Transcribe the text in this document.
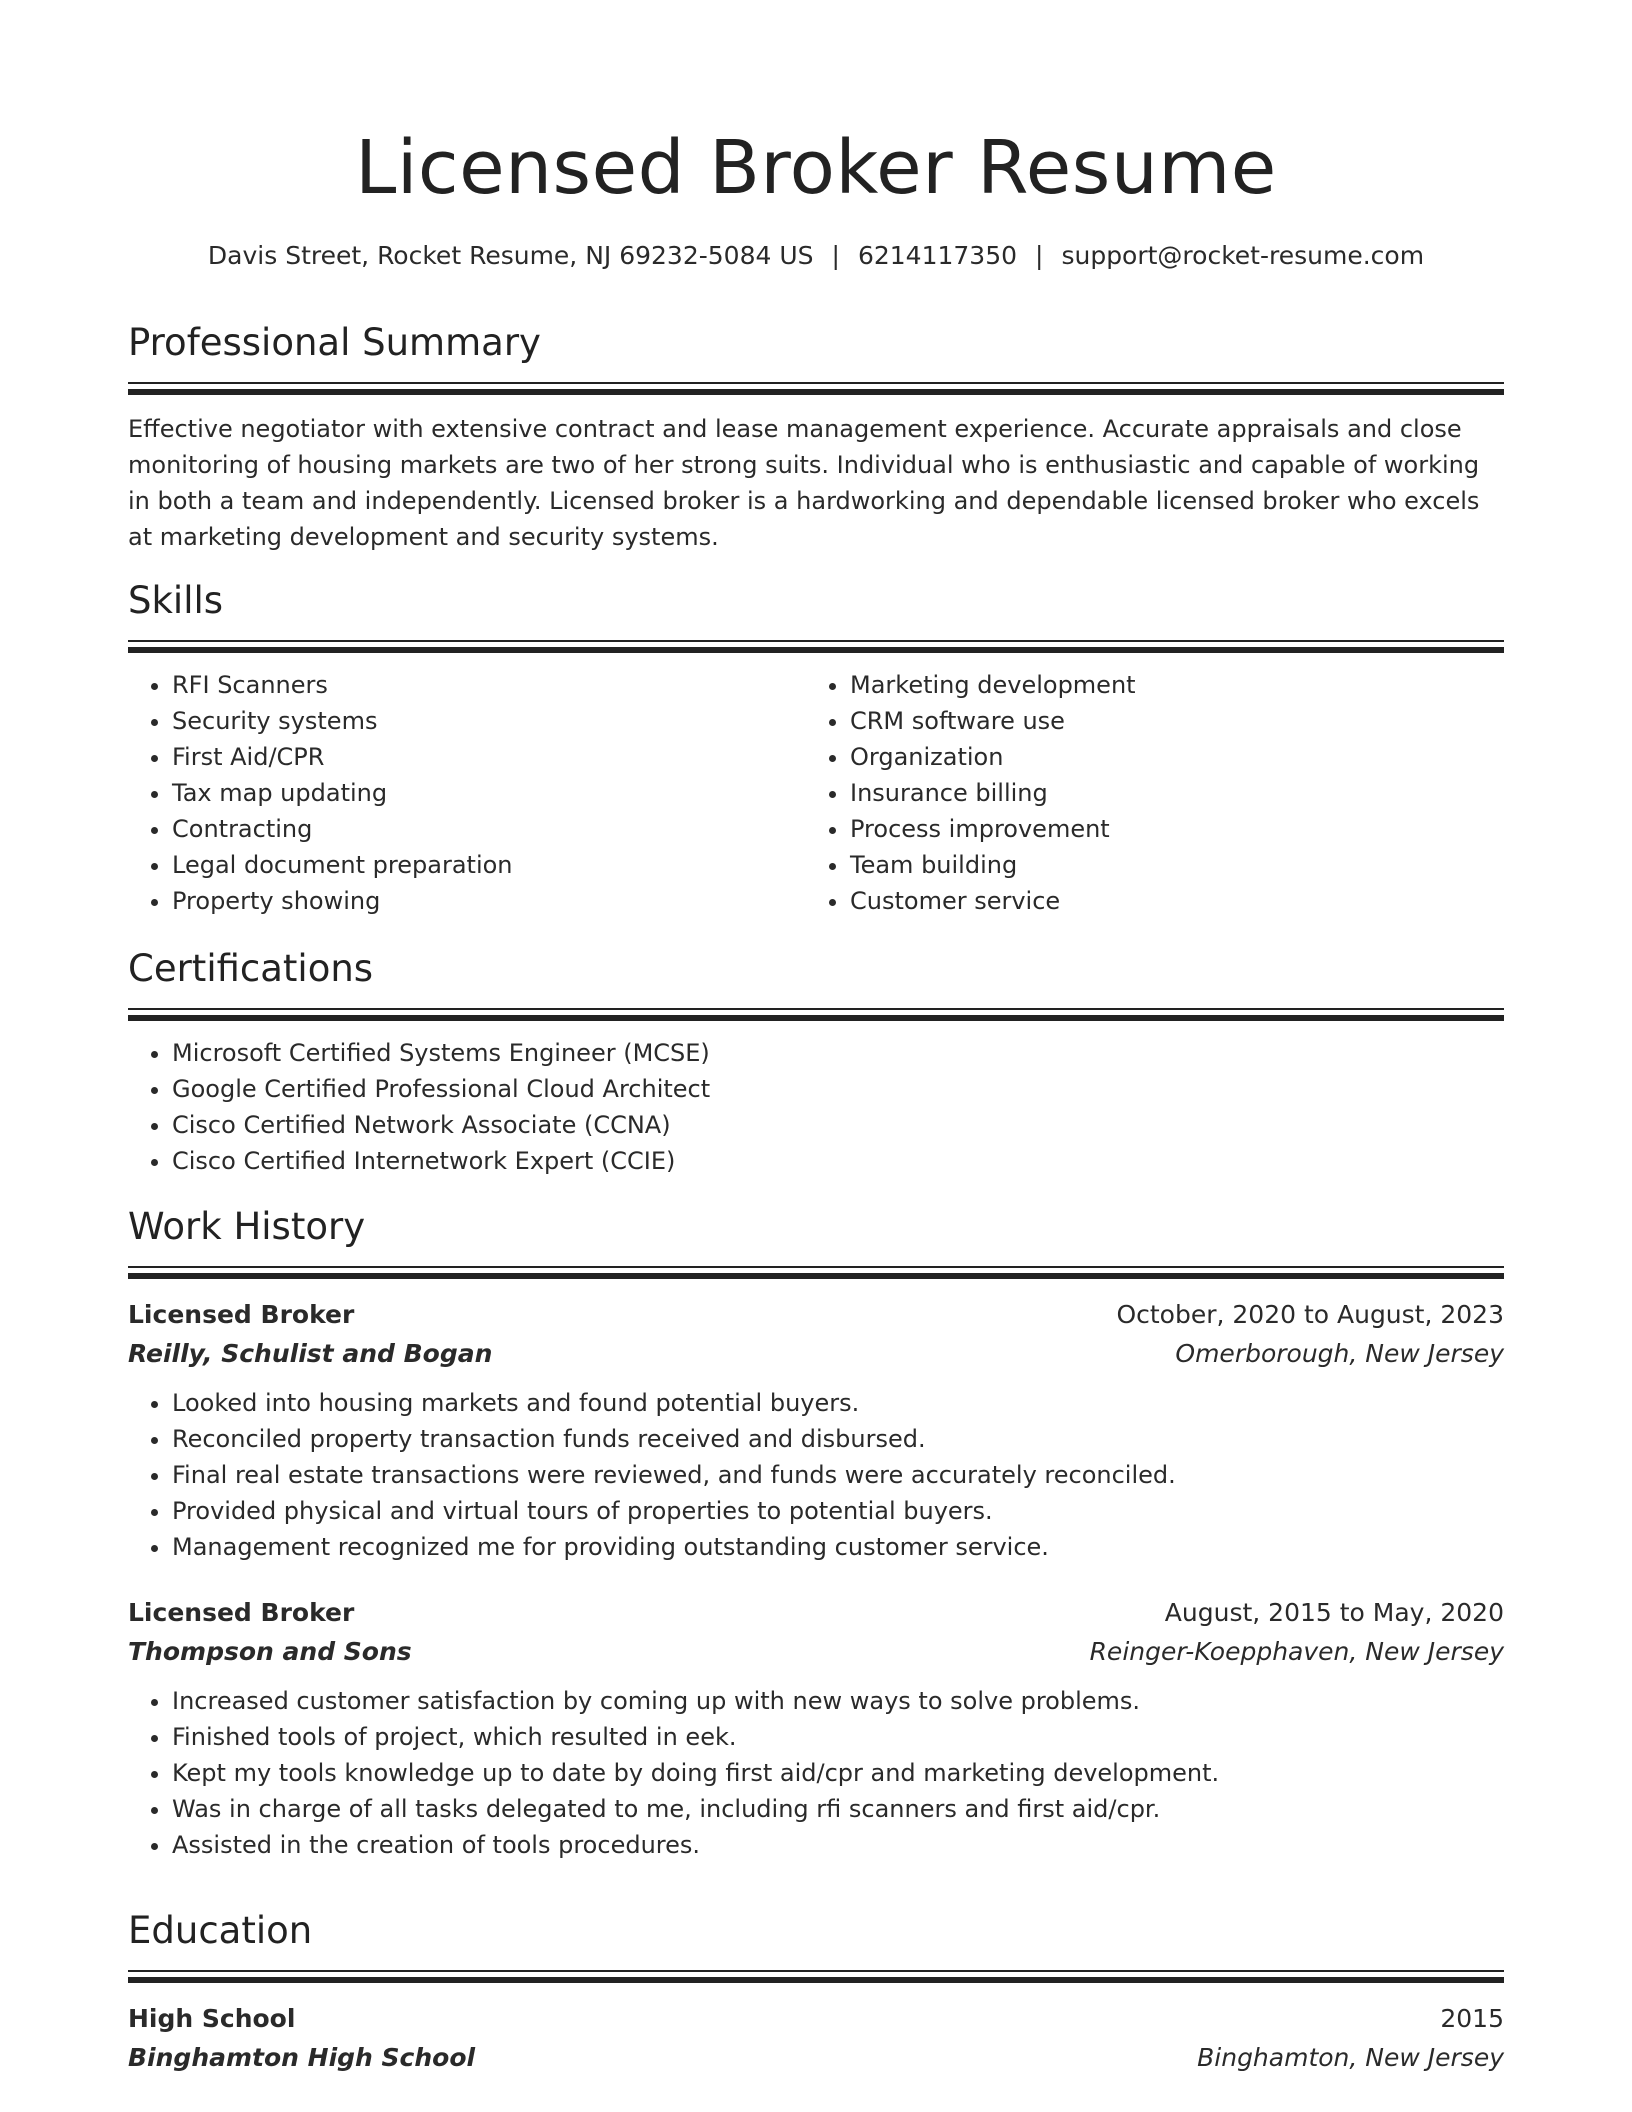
Licensed Broker Resume
Davis Street, Rocket Resume, NJ 69232-5084 US | 6214117350 | support@rocket-resume.com
Professional Summary

Effective negotiator with extensive contract and lease management experience. Accurate appraisals and close monitoring of housing markets are two of her strong suits. Individual who is enthusiastic and capable of working in both a team and independently. Licensed broker is a hardworking and dependable licensed broker who excels at marketing development and security systems.

Skills
• RFI Scanners
• Security systems
• First Aid/CPR
• Tax map updating
• Contracting
• Legal document preparation
• Property showing
• Marketing development
• CRM software use
• Organization
• Insurance billing
• Process improvement
• Team building
• Customer service
Certifications
• Microsoft Certified Systems Engineer (MCSE)
• Google Certified Professional Cloud Architect
• Cisco Certified Network Associate (CCNA)
• Cisco Certified Internetwork Expert (CCIE)
Work History
Licensed Broker	October, 2020 to August, 2023
Reilly, Schulist and Bogan	Omerborough, New Jersey
• Looked into housing markets and found potential buyers.
• Reconciled property transaction funds received and disbursed.
• Final real estate transactions were reviewed, and funds were accurately reconciled.
• Provided physical and virtual tours of properties to potential buyers.
• Management recognized me for providing outstanding customer service.
Licensed Broker	August, 2015 to May, 2020
Thompson and Sons	Reinger-Koepphaven, New Jersey
• Increased customer satisfaction by coming up with new ways to solve problems.
• Finished tools of project, which resulted in eek.
• Kept my tools knowledge up to date by doing first aid/cpr and marketing development.
• Was in charge of all tasks delegated to me, including rfi scanners and first aid/cpr.
• Assisted in the creation of tools procedures.
Education
High School	2015
Binghamton High School	Binghamton, New Jersey
